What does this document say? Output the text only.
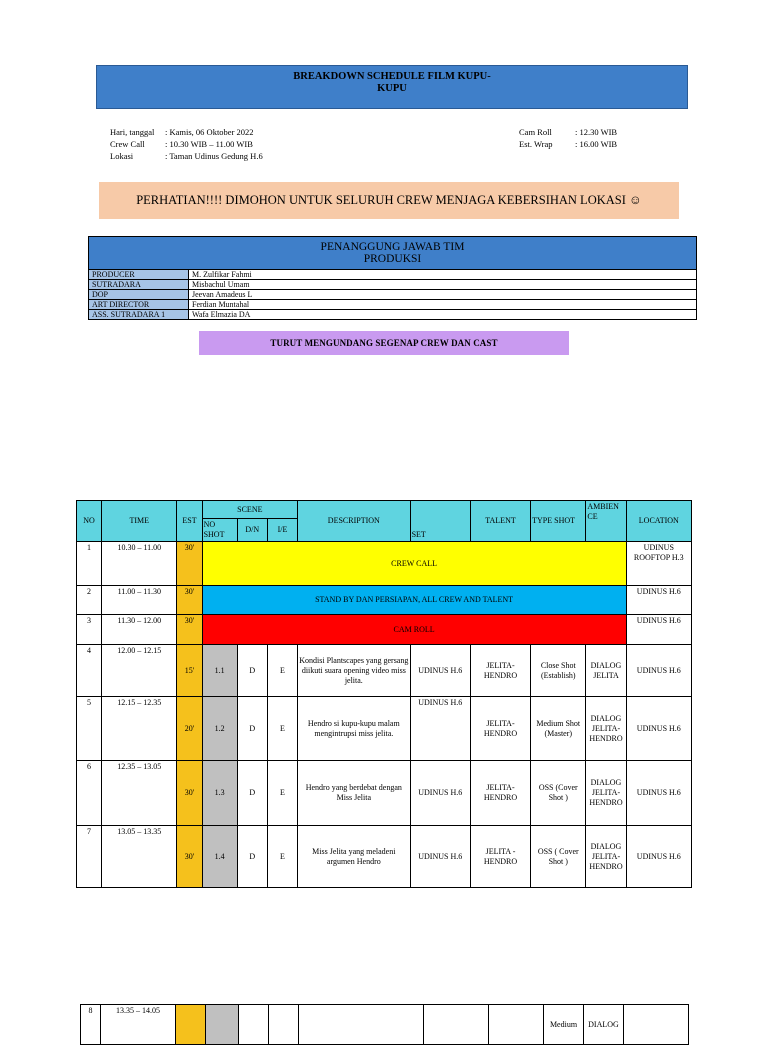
BREAKDOWN SCHEDULE FILM KUPU-
KUPU
Hari, tanggal : Kamis, 06 Oktober 2022
Crew Call : 10.30 WIB – 11.00 WIB
Lokasi	: Taman Udinus Gedung H.6
Cam Roll	: 12.30 WIB
Est. Wrap	: 16.00 WIB
PERHATIAN!!!! DIMOHON UNTUK SELURUH CREW MENJAGA KEBERSIHAN LOKASI ☺
PENANGGUNG JAWAB TIM
PRODUKSI	

PRODUCER	M. Zulfikar Fahmi
SUTRADARA	Misbachul Umam
DOP	Jeevan Amadeus L
ART DIRECTOR	Ferdian Muntahal
ASS. SUTRADARA 1	Wafa Elmazia DA
TURUT MENGUNDANG SEGENAP CREW DAN CAST
NO	TIME	EST	SCENE			DESCRIPTION	SET	TALENT	TYPE SHOT	AMBIEN CE	LOCATION
			NO SHOT	D/N	I/E						
1	10.30 – 11.00	30'	CREW CALL								UDINUS ROOFTOP H.3
2	11.00 – 11.30	30'	STAND BY DAN PERSIAPAN, ALL CREW AND TALENT								UDINUS H.6
3	11.30 – 12.00	30'	CAM ROLL								UDINUS H.6
4	12.00 – 12.15	15'	1.1	D	E	Kondisi Plantscapes yang gersang diikuti suara opening video miss jelita.	UDINUS H.6	JELITA-HENDRO	Close Shot (Establish)	DIALOG JELITA	UDINUS H.6
5	12.15 – 12.35	20'	1.2	D	E	Hendro si kupu-kupu malam mengintrupsi miss jelita.	UDINUS H.6	JELITA-HENDRO	Medium Shot (Master)	DIALOG JELITA-HENDRO	UDINUS H.6
6	12.35 – 13.05	30'	1.3	D	E	Hendro yang berdebat dengan Miss Jelita	UDINUS H.6	JELITA-HENDRO	OSS (Cover Shot )	DIALOG JELITA-HENDRO	UDINUS H.6
7	13.05 – 13.35	30'	1.4	D	E	Miss Jelita yang meladeni argumen Hendro	UDINUS H.6	JELITA - HENDRO	OSS ( Cover Shot )	DIALOG JELITA-HENDRO	UDINUS H.6
8	13.35 – 14.05								Medium	DIALOG	
